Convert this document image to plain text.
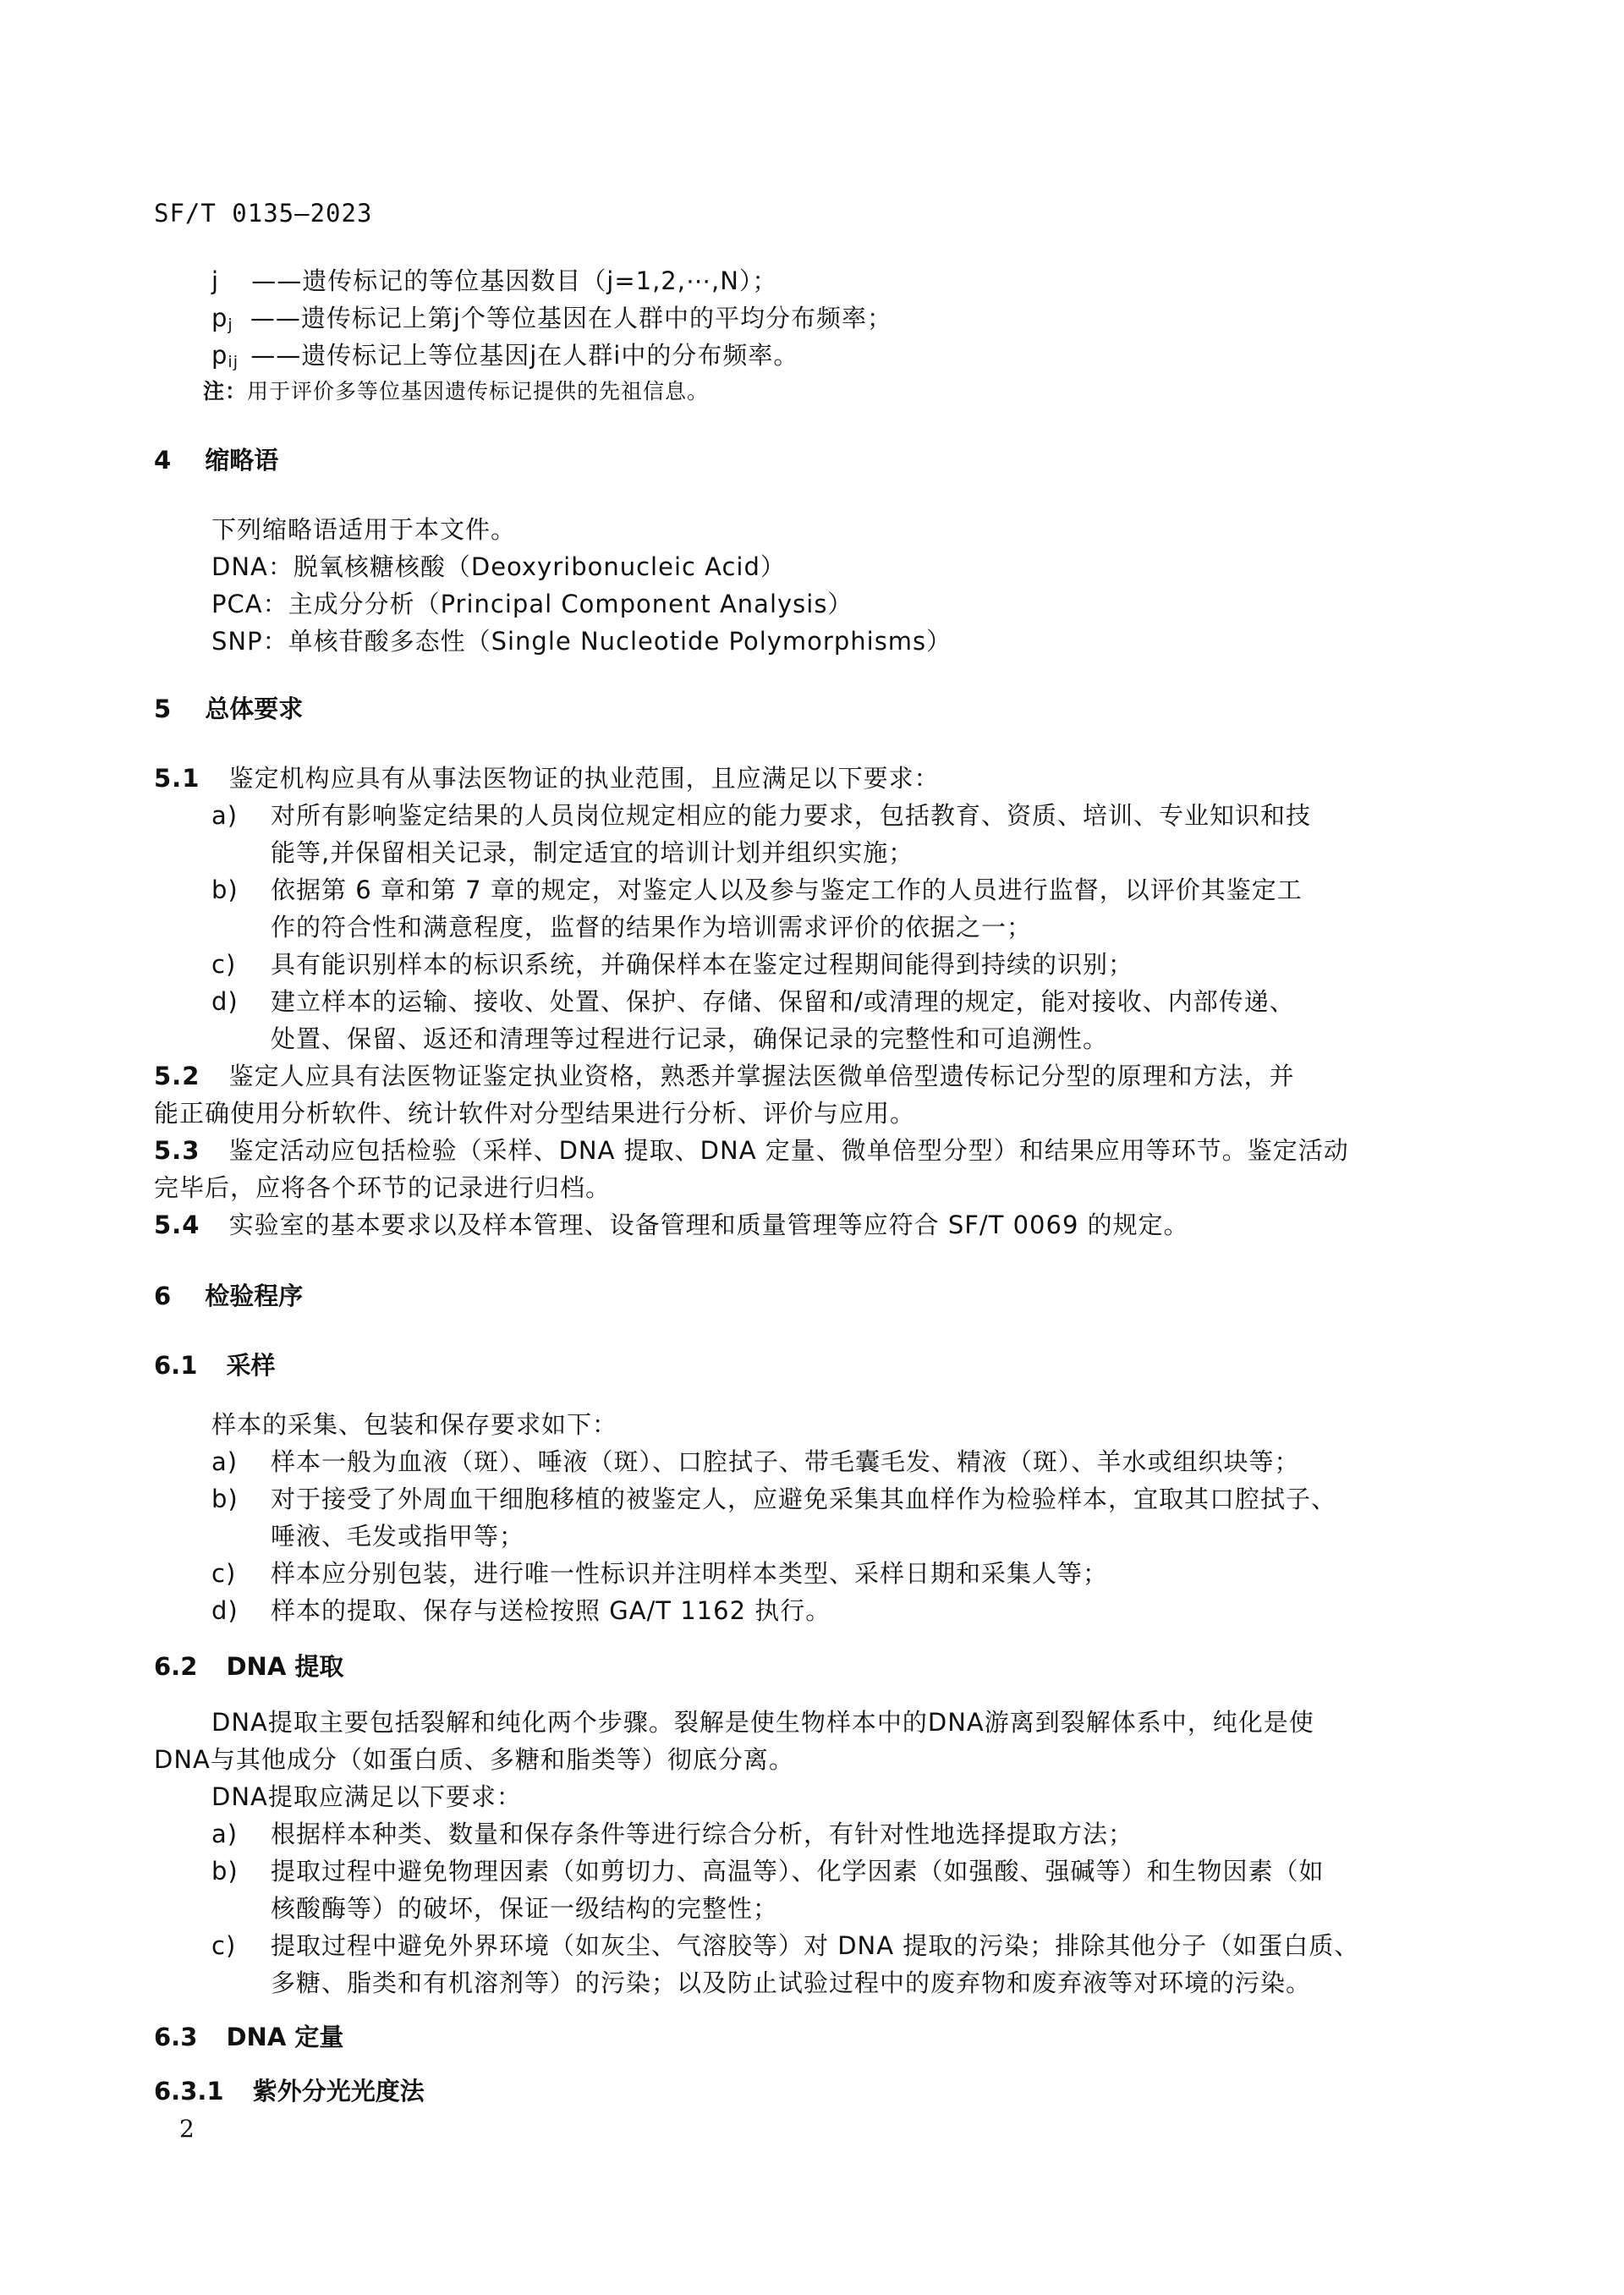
SF/T 0135—2023
j ——遗传标记的等位基因数目（j=1,2,⋯,N）；
$p_j$ ——遗传标记上第j个等位基因在人群中的平均分布频率；
$p_{ij}$ ——遗传标记上等位基因j在人群i中的分布频率。
注：用于评价多等位基因遗传标记提供的先祖信息。
4 缩略语
下列缩略语适用于本文件。
DNA：脱氧核糖核酸（Deoxyribonucleic Acid）
PCA：主成分分析（Principal Component Analysis）
SNP：单核苷酸多态性（Single Nucleotide Polymorphisms）
5 总体要求
5.1 鉴定机构应具有从事法医物证的执业范围，且应满足以下要求：
a) 对所有影响鉴定结果的人员岗位规定相应的能力要求，包括教育、资质、培训、专业知识和技
能等,并保留相关记录，制定适宜的培训计划并组织实施；
b) 依据第 6 章和第 7 章的规定，对鉴定人以及参与鉴定工作的人员进行监督，以评价其鉴定工
作的符合性和满意程度，监督的结果作为培训需求评价的依据之一；
c) 具有能识别样本的标识系统，并确保样本在鉴定过程期间能得到持续的识别；
d) 建立样本的运输、接收、处置、保护、存储、保留和/或清理的规定，能对接收、内部传递、
处置、保留、返还和清理等过程进行记录，确保记录的完整性和可追溯性。
5.2 鉴定人应具有法医物证鉴定执业资格，熟悉并掌握法医微单倍型遗传标记分型的原理和方法，并
能正确使用分析软件、统计软件对分型结果进行分析、评价与应用。
5.3 鉴定活动应包括检验（采样、DNA 提取、DNA 定量、微单倍型分型）和结果应用等环节。鉴定活动
完毕后，应将各个环节的记录进行归档。
5.4 实验室的基本要求以及样本管理、设备管理和质量管理等应符合 SF/T 0069 的规定。
6 检验程序
6.1 采样
样本的采集、包装和保存要求如下：
a) 样本一般为血液（斑）、唾液（斑）、口腔拭子、带毛囊毛发、精液（斑）、羊水或组织块等；
b) 对于接受了外周血干细胞移植的被鉴定人，应避免采集其血样作为检验样本，宜取其口腔拭子、
唾液、毛发或指甲等；
c) 样本应分别包装，进行唯一性标识并注明样本类型、采样日期和采集人等；
d) 样本的提取、保存与送检按照 GA/T 1162 执行。
6.2 DNA 提取
DNA提取主要包括裂解和纯化两个步骤。裂解是使生物样本中的DNA游离到裂解体系中，纯化是使
DNA与其他成分（如蛋白质、多糖和脂类等）彻底分离。
DNA提取应满足以下要求：
a) 根据样本种类、数量和保存条件等进行综合分析，有针对性地选择提取方法；
b) 提取过程中避免物理因素（如剪切力、高温等）、化学因素（如强酸、强碱等）和生物因素（如
核酸酶等）的破坏，保证一级结构的完整性；
c) 提取过程中避免外界环境（如灰尘、气溶胶等）对 DNA 提取的污染；排除其他分子（如蛋白质、
多糖、脂类和有机溶剂等）的污染；以及防止试验过程中的废弃物和废弃液等对环境的污染。
6.3 DNA 定量
6.3.1 紫外分光光度法
2
